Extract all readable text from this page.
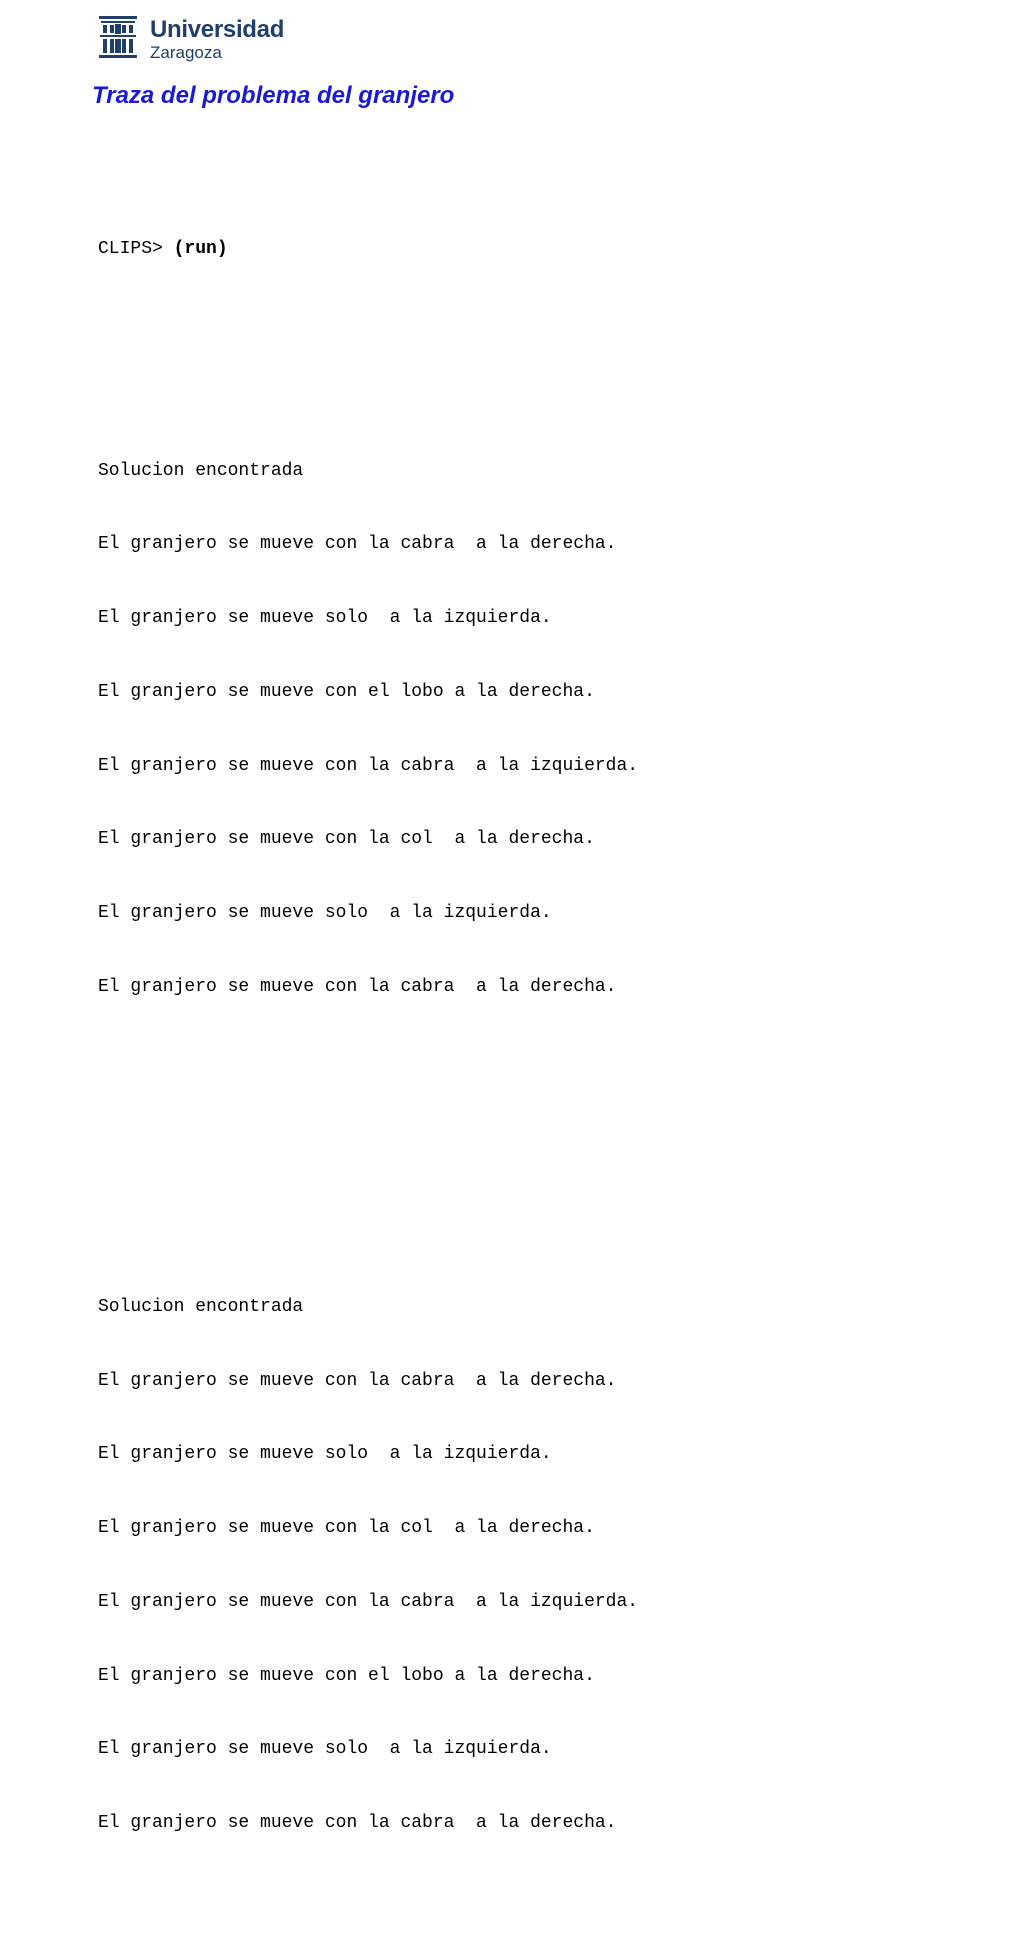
Universidad
Zaragoza
Traza del problema del granjero

CLIPS> (run)

Solucion encontrada

El granjero se mueve con la cabra  a la derecha.

El granjero se mueve solo  a la izquierda.

El granjero se mueve con el lobo a la derecha.

El granjero se mueve con la cabra  a la izquierda.

El granjero se mueve con la col  a la derecha.

El granjero se mueve solo  a la izquierda.

El granjero se mueve con la cabra  a la derecha.

Solucion encontrada

El granjero se mueve con la cabra  a la derecha.

El granjero se mueve solo  a la izquierda.

El granjero se mueve con la col  a la derecha.

El granjero se mueve con la cabra  a la izquierda.

El granjero se mueve con el lobo a la derecha.

El granjero se mueve solo  a la izquierda.

El granjero se mueve con la cabra  a la derecha.
